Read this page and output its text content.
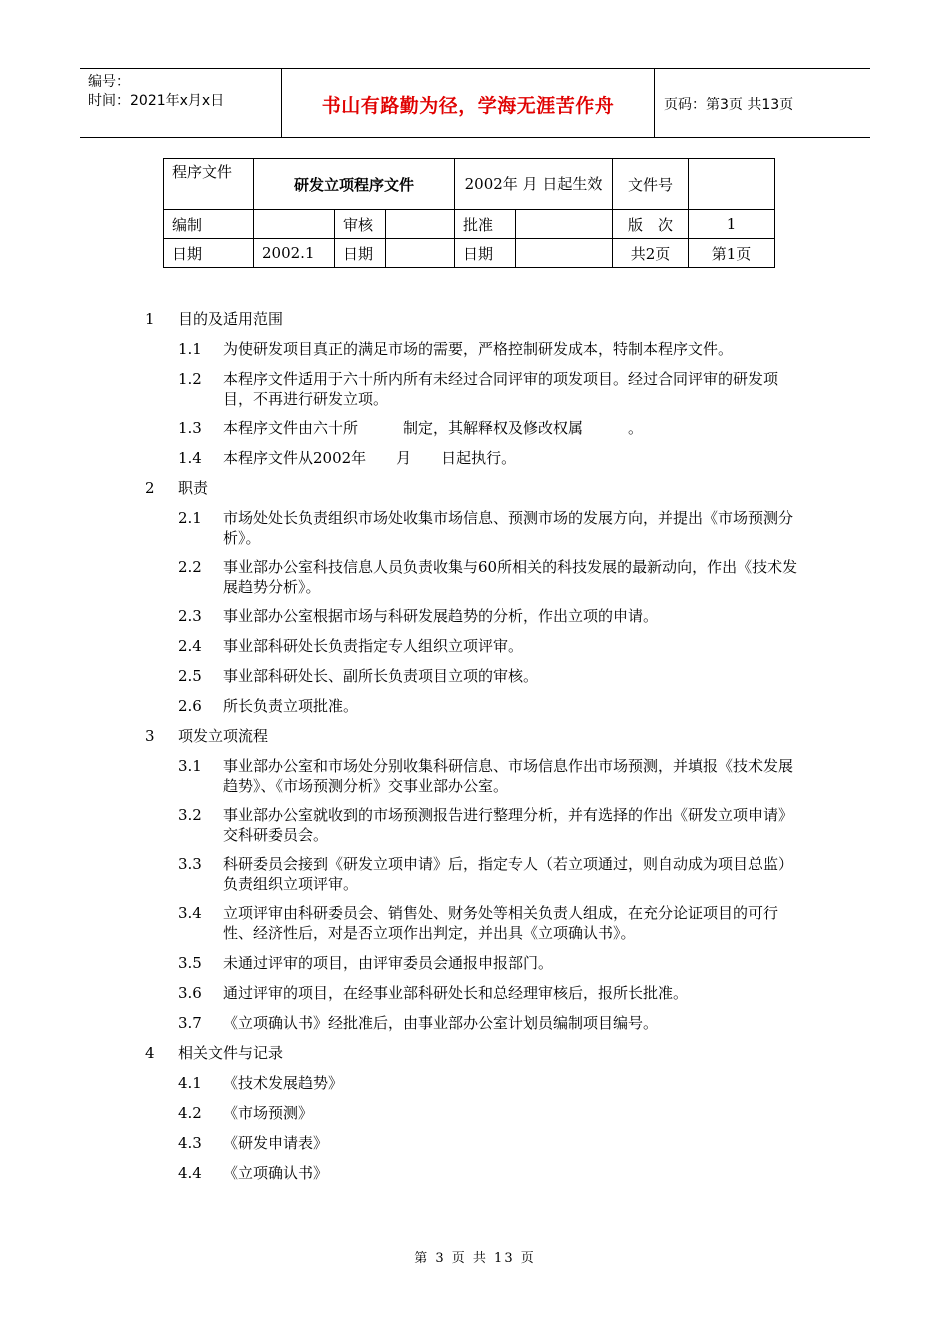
编号：
时间：2021年x月x日	书山有路勤为径，学海无涯苦作舟	页码：第3页 共13页
程序文件	研发立项程序文件			2002年 月 日起生效		文件号	
编制		审核		批准		版　次	1
日期	2002.1	日期		日期		共2页	第1页
1 目的及适用范围
1.1 为使研发项目真正的满足市场的需要，严格控制研发成本，特制本程序文件。
1.2 本程序文件适用于六十所内所有未经过合同评审的项发项目。经过合同评审的研发项目，不再进行研发立项。
1.3 本程序文件由六十所　　　制定，其解释权及修改权属　　　。
1.4 本程序文件从2002年　　月　　日起执行。
2 职责
2.1 市场处处长负责组织市场处收集市场信息、预测市场的发展方向，并提出《市场预测分析》。
2.2 事业部办公室科技信息人员负责收集与60所相关的科技发展的最新动向，作出《技术发展趋势分析》。
2.3 事业部办公室根据市场与科研发展趋势的分析，作出立项的申请。
2.4 事业部科研处长负责指定专人组织立项评审。
2.5 事业部科研处长、副所长负责项目立项的审核。
2.6 所长负责立项批准。
3 项发立项流程
3.1 事业部办公室和市场处分别收集科研信息、市场信息作出市场预测，并填报《技术发展趋势》、《市场预测分析》交事业部办公室。
3.2 事业部办公室就收到的市场预测报告进行整理分析，并有选择的作出《研发立项申请》交科研委员会。
3.3 科研委员会接到《研发立项申请》后，指定专人（若立项通过，则自动成为项目总监）负责组织立项评审。
3.4 立项评审由科研委员会、销售处、财务处等相关负责人组成，在充分论证项目的可行性、经济性后，对是否立项作出判定，并出具《立项确认书》。
3.5 未通过评审的项目，由评审委员会通报申报部门。
3.6 通过评审的项目，在经事业部科研处长和总经理审核后，报所长批准。
3.7 《立项确认书》经批准后，由事业部办公室计划员编制项目编号。
4 相关文件与记录
4.1 《技术发展趋势》
4.2 《市场预测》
4.3 《研发申请表》
4.4 《立项确认书》
第 3 页 共 13 页
